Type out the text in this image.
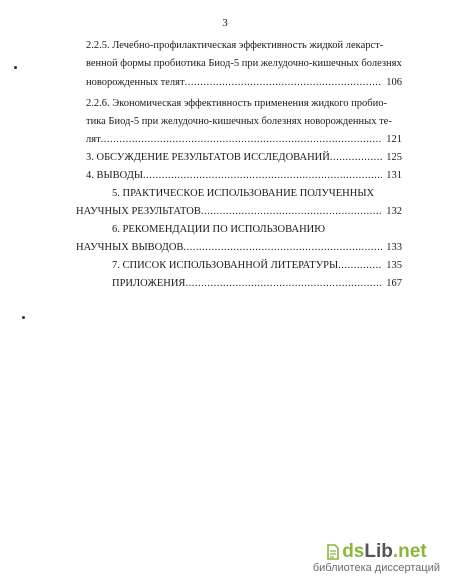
3
2.2.5. Лечебно-профилактическая эффективность жидкой лекарст-
венной формы пробиотика Биод-5 при желудочно-кишечных болезнях
новорожденных телят .....	106
2.2.6. Экономическая эффективность применения жидкого пробио-
тика Биод-5 при желудочно-кишечных болезнях новорожденных те-
лят .....	121
3. ОБСУЖДЕНИЕ РЕЗУЛЬТАТОВ ИССЛЕДОВАНИЙ .....	125
4. ВЫВОДЫ .....	131
5. ПРАКТИЧЕСКОЕ ИСПОЛЬЗОВАНИЕ ПОЛУЧЕННЫХ
НАУЧНЫХ РЕЗУЛЬТАТОВ .....	132
6. РЕКОМЕНДАЦИИ ПО ИСПОЛЬЗОВАНИЮ
НАУЧНЫХ ВЫВОДОВ .....	133
7. СПИСОК ИСПОЛЬЗОВАННОЙ ЛИТЕРАТУРЫ .....	135
ПРИЛОЖЕНИЯ .....	167
ds Lib .net
библиотека диссертаций
